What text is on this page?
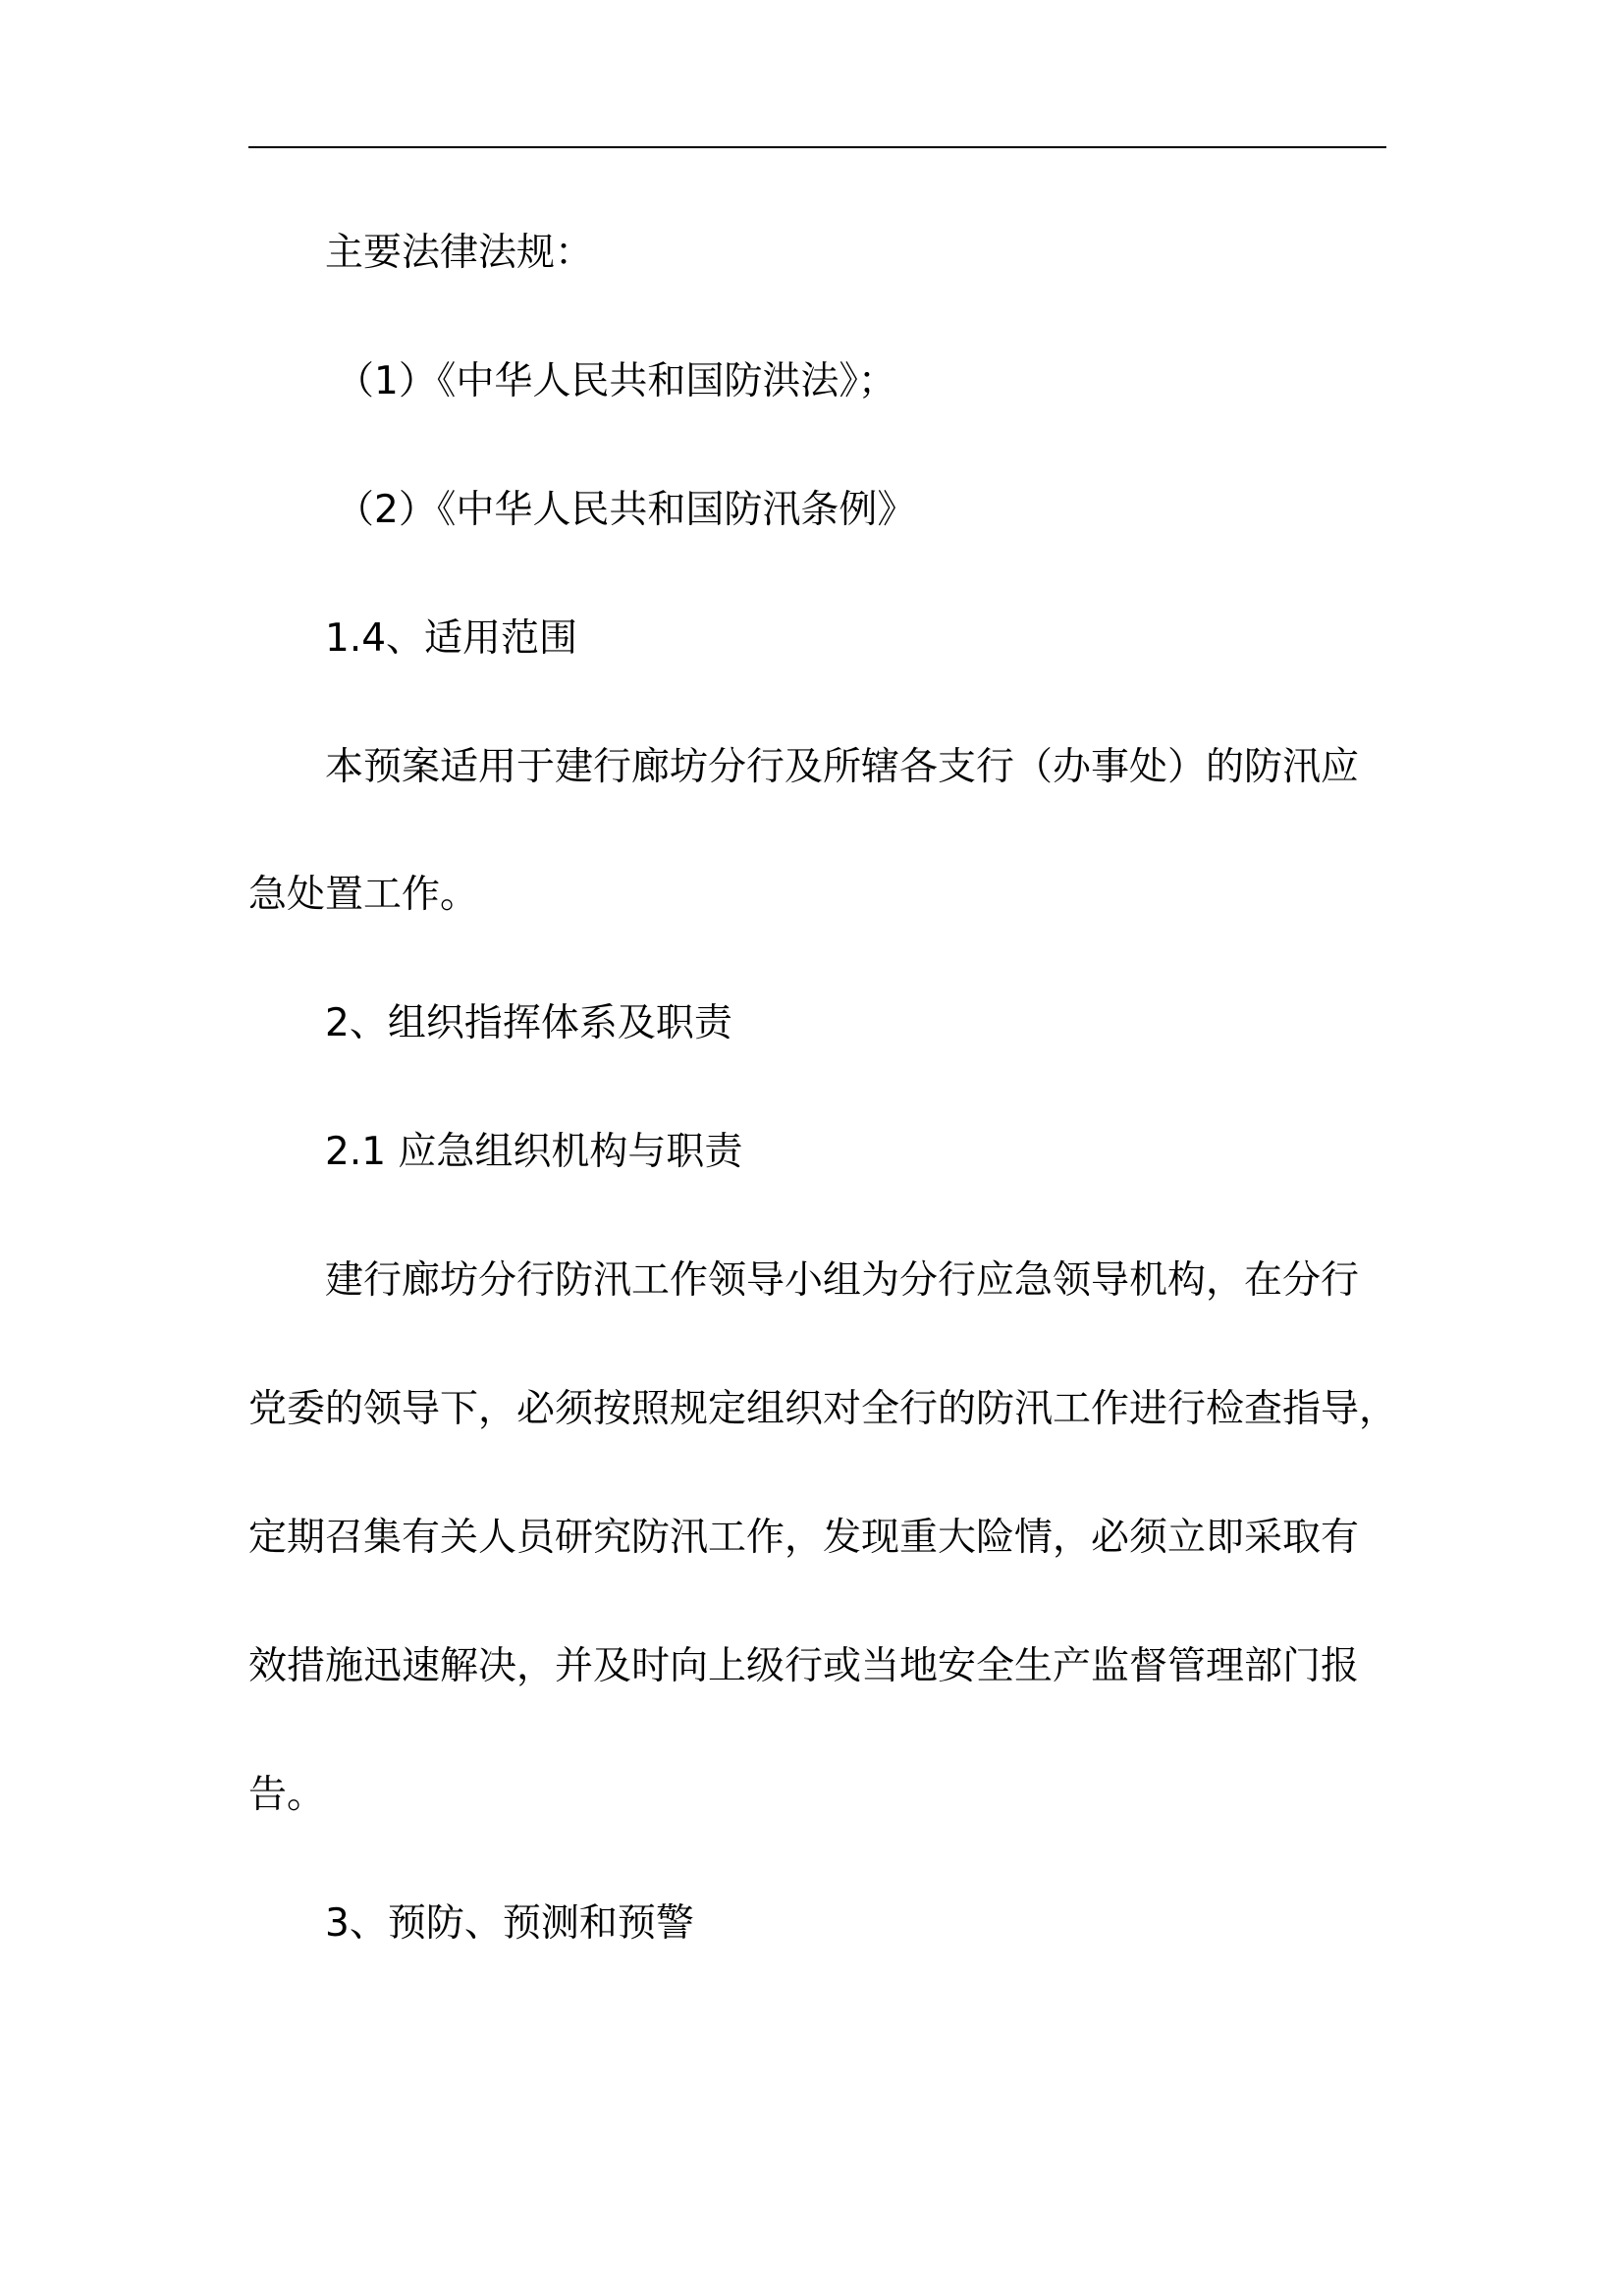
主要法律法规：
（1）《中华人民共和国防洪法》；
（2）《中华人民共和国防汛条例》
1.4、适用范围
本预案适用于建行廊坊分行及所辖各支行（办事处）的防汛应
急处置工作。
2、组织指挥体系及职责
2.1 应急组织机构与职责
建行廊坊分行防汛工作领导小组为分行应急领导机构，在分行
党委的领导下，必须按照规定组织对全行的防汛工作进行检查指导，
定期召集有关人员研究防汛工作，发现重大险情，必须立即采取有
效措施迅速解决，并及时向上级行或当地安全生产监督管理部门报
告。
3、预防、预测和预警
